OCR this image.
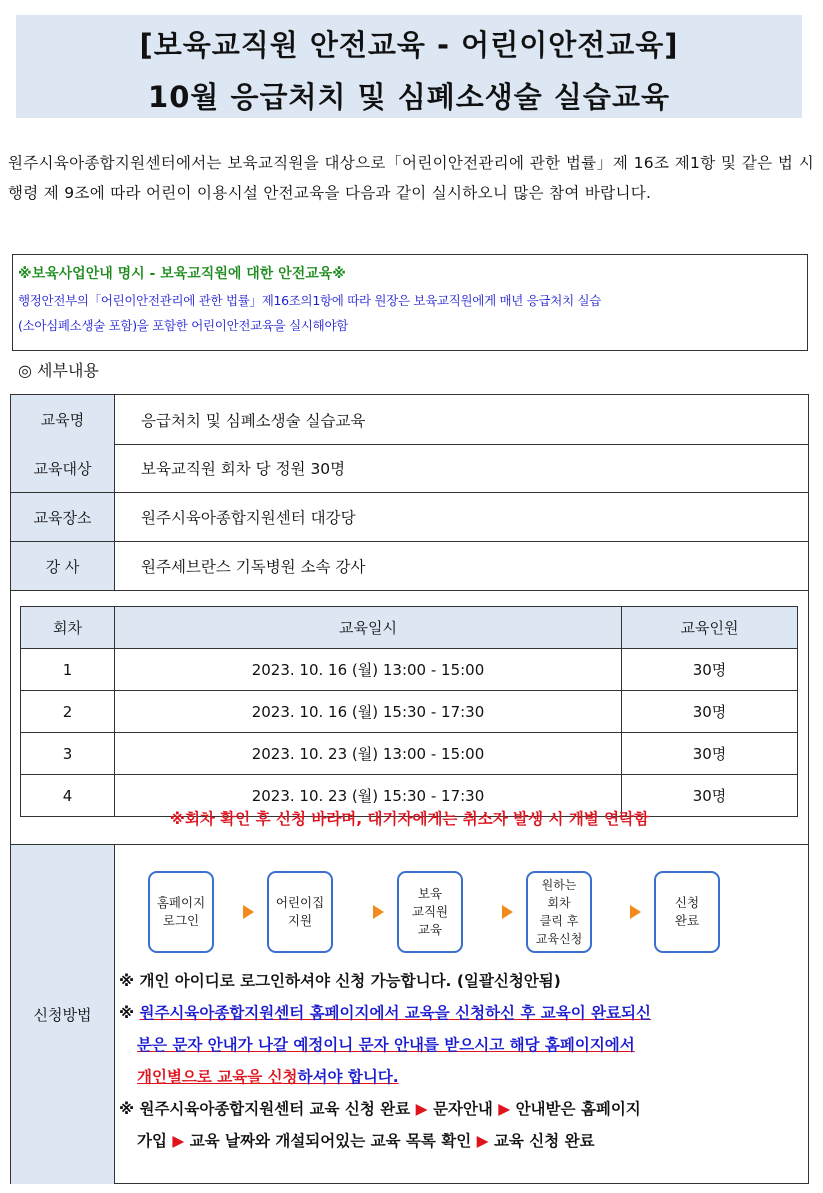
[보육교직원 안전교육 - 어린이안전교육]
10월 응급처치 및 심폐소생술 실습교육
원주시육아종합지원센터에서는 보육교직원을 대상으로「어린이안전관리에 관한 법률」제 16조 제1항 및 같은 법 시행령 제 9조에 따라 어린이 이용시설 안전교육을 다음과 같이 실시하오니 많은 참여 바랍니다.
※보육사업안내 명시 - 보육교직원에 대한 안전교육※
행정안전부의「어린이안전관리에 관한 법률」제16조의1항에 따라 원장은 보육교직원에게 매년 응급처치 실습
(소아심폐소생술 포함)을 포함한 어린이안전교육을 실시해야함
◎ 세부내용
교육명	응급처치 및 심폐소생술 실습교육
교육대상	보육교직원 회차 당 정원 30명
교육장소	원주시육아종합지원센터 대강당
강 사	원주세브란스 기독병원 소속 강사
회차	교육일시	교육인원
1	2023. 10. 16 (월) 13:00 - 15:00	30명
2	2023. 10. 16 (월) 15:30 - 17:30	30명
3	2023. 10. 23 (월) 13:00 - 15:00	30명
4	2023. 10. 23 (월) 15:30 - 17:30	30명
※회차 확인 후 신청 바라며, 대기자에게는 취소자 발생 시 개별 연락함
신청방법
홈페이지
로그인
어린이집
지원
보육
교직원
교육
원하는
회차
클릭 후
교육신청
신청
완료

※ 개인 아이디로 로그인하셔야 신청 가능합니다. (일괄신청안됨)

※ 원주시육아종합지원센터 홈페이지에서 교육을 신청하신 후 교육이 완료되신

분은 문자 안내가 나갈 예정이니 문자 안내를 받으시고 해당 홈페이지에서

개인별으로 교육을 신청하셔야 합니다.

※ 원주시육아종합지원센터 교육 신청 완료 ▶ 문자안내 ▶ 안내받은 홈페이지

가입 ▶ 교육 날짜와 개설되어있는 교육 목록 확인 ▶ 교육 신청 완료
